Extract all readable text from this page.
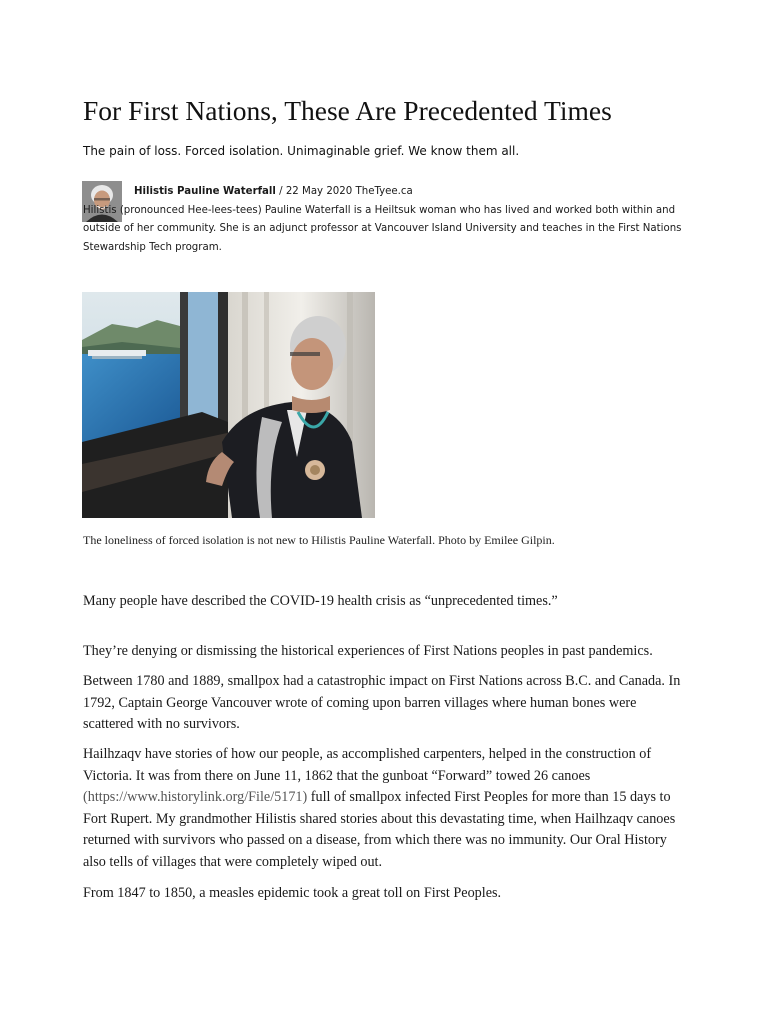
For First Nations, These Are Precedented Times
The pain of loss. Forced isolation. Unimaginable grief. We know them all.
Hilistis Pauline Waterfall / 22 May 2020 TheTyee.ca
Hilistis (pronounced Hee-lees-tees) Pauline Waterfall is a Heiltsuk woman who has lived and worked both within and outside of her community. She is an adjunct professor at Vancouver Island University and teaches in the First Nations Stewardship Tech program.
The loneliness of forced isolation is not new to Hilistis Pauline Waterfall. Photo by Emilee Gilpin.

Many people have described the COVID-19 health crisis as “unprecedented times.”

They’re denying or dismissing the historical experiences of First Nations peoples in past pandemics.

Between 1780 and 1889, smallpox had a catastrophic impact on First Nations across B.C. and Canada. In 1792, Captain George Vancouver wrote of coming upon barren villages where human bones were scattered with no survivors.

Hailhzaqv have stories of how our people, as accomplished carpenters, helped in the construction of Victoria. It was from there on June 11, 1862 that the gunboat “Forward” towed 26 canoes (https://www.historylink.org/File/5171) full of smallpox infected First Peoples for more than 15 days to Fort Rupert. My grandmother Hilistis shared stories about this devastating time, when Hailhzaqv canoes returned with survivors who passed on a disease, from which there was no immunity. Our Oral History also tells of villages that were completely wiped out.

From 1847 to 1850, a measles epidemic took a great toll on First Peoples.
